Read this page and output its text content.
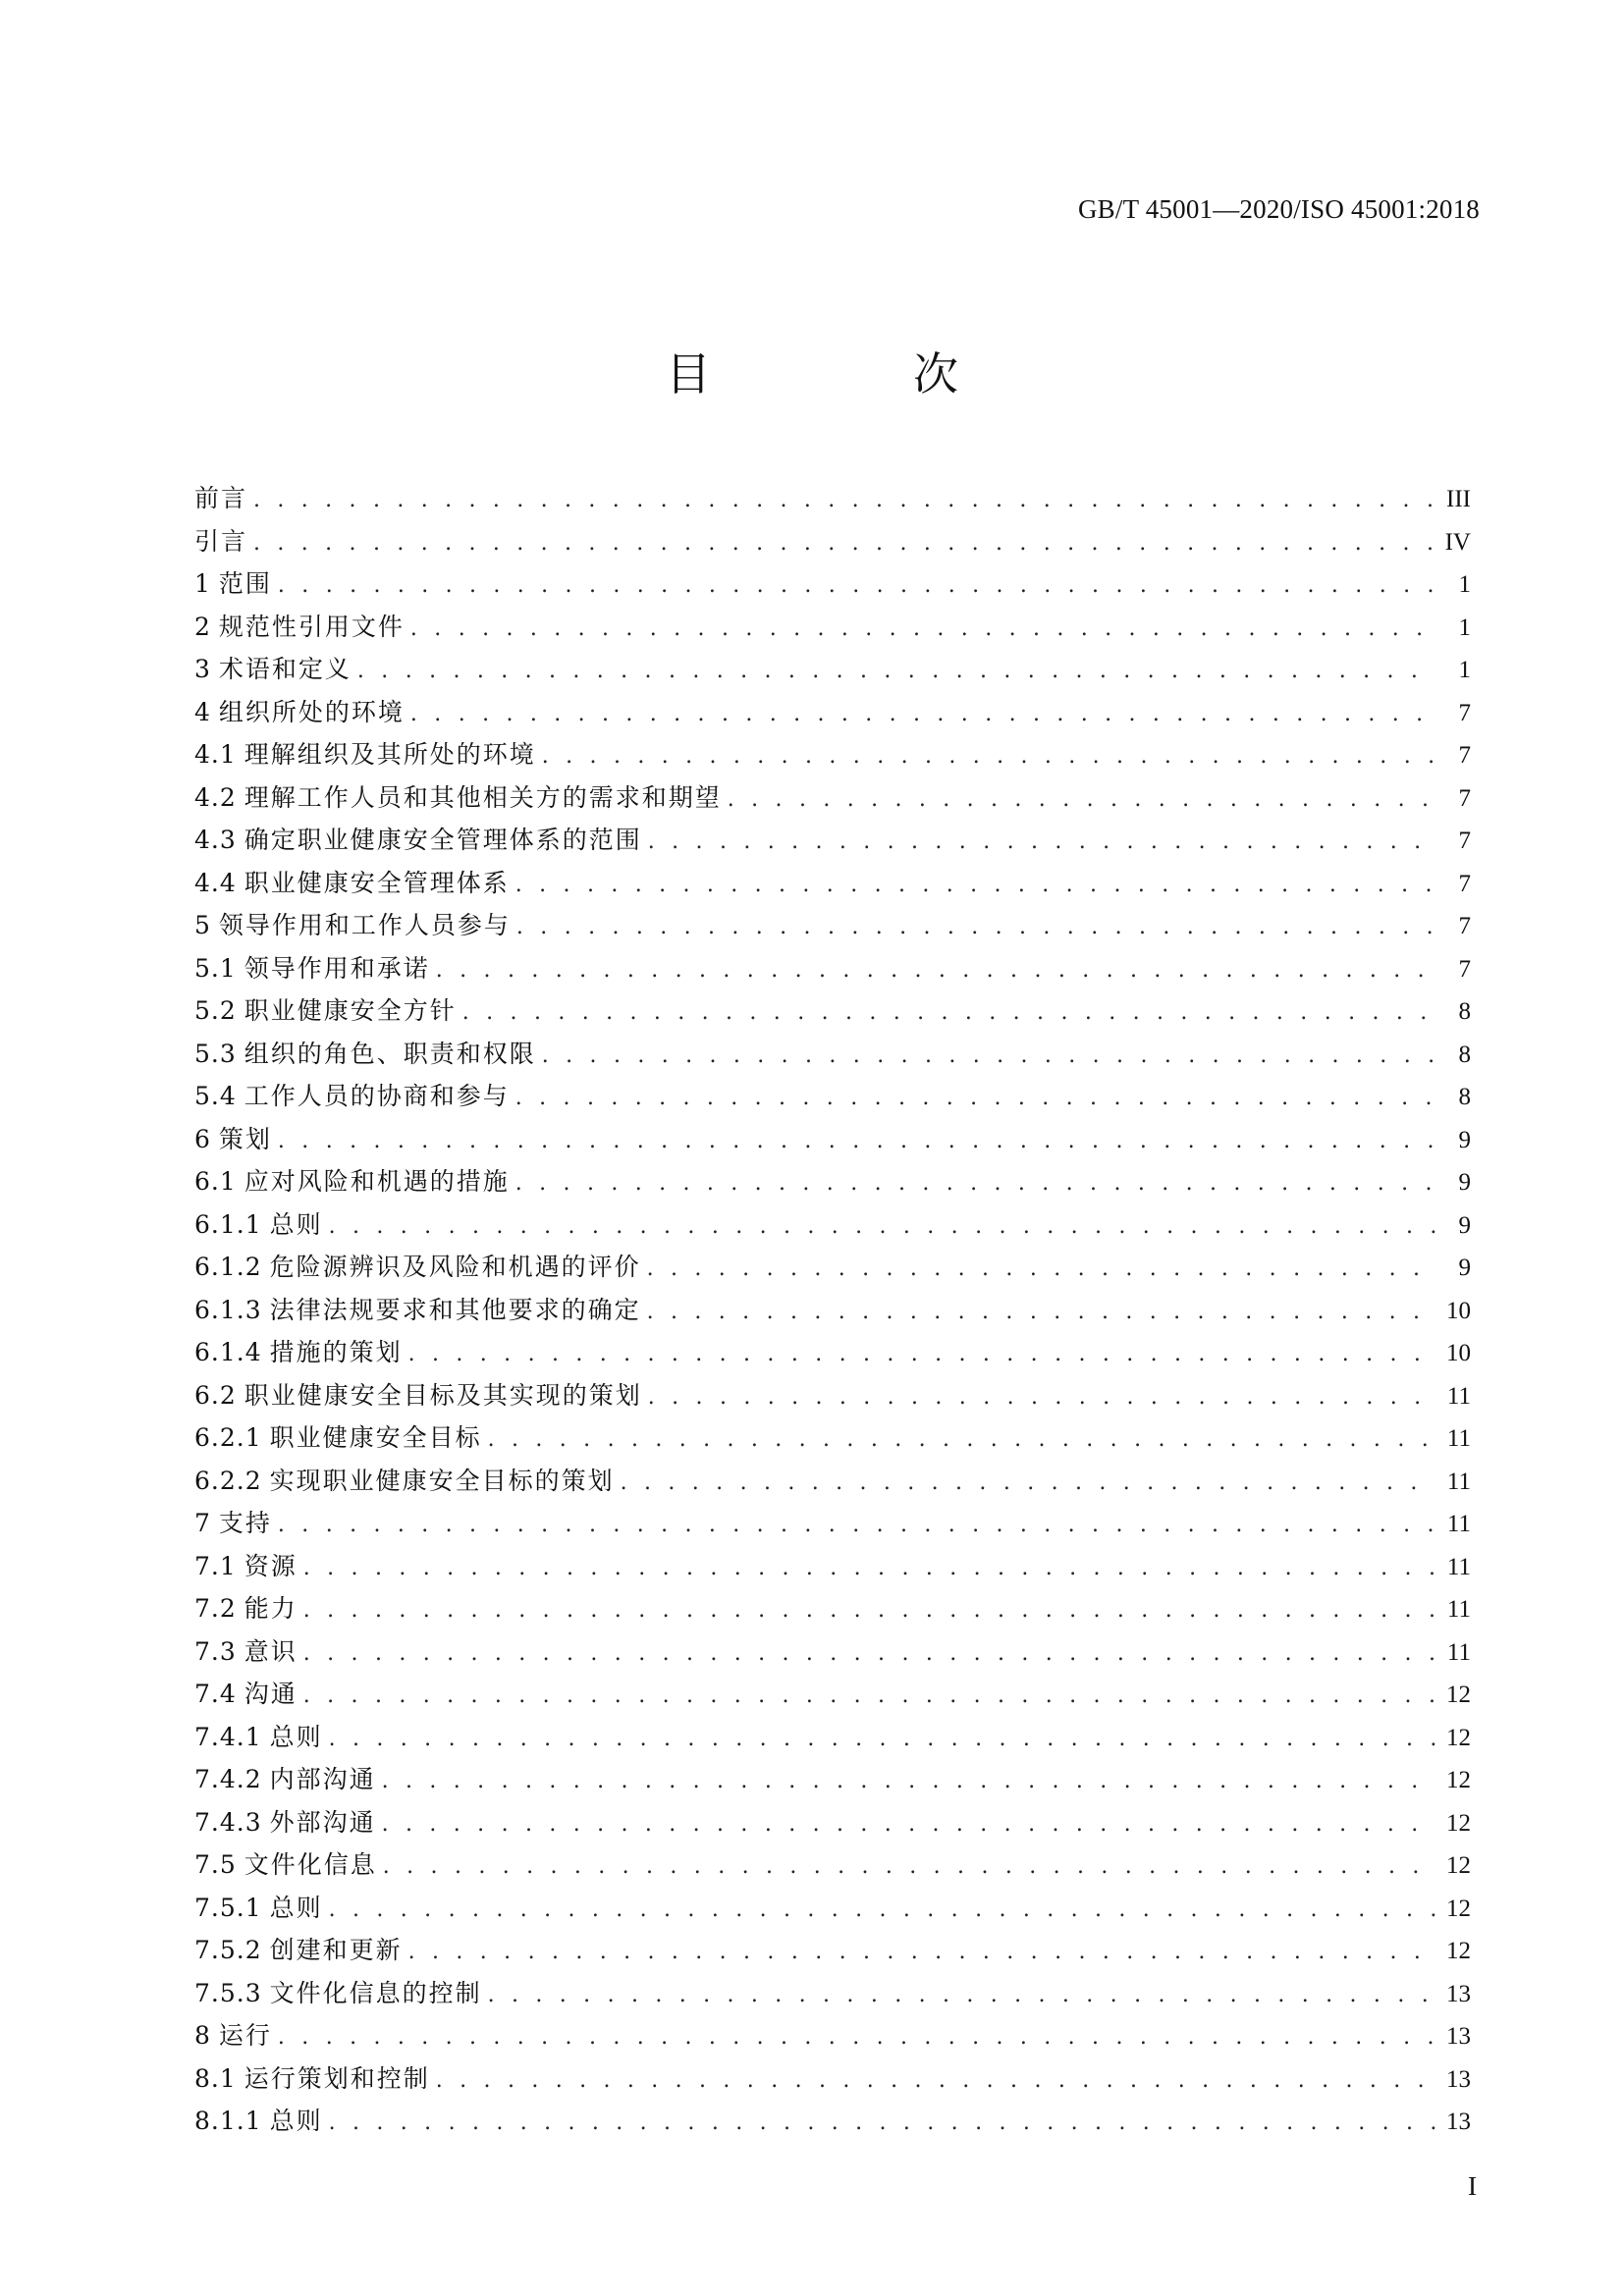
GB/T 45001—2020/ISO 45001:2018
目　次
前言 . . .	III
引言 . . .	IV
1 范围 . . .	1
2 规范性引用文件 . . .	1
3 术语和定义 . . .	1
4 组织所处的环境 . . .	7
4.1 理解组织及其所处的环境 . . .	7
4.2 理解工作人员和其他相关方的需求和期望 . . .	7
4.3 确定职业健康安全管理体系的范围 . . .	7
4.4 职业健康安全管理体系 . . .	7
5 领导作用和工作人员参与 . . .	7
5.1 领导作用和承诺 . . .	7
5.2 职业健康安全方针 . . .	8
5.3 组织的角色、职责和权限 . . .	8
5.4 工作人员的协商和参与 . . .	8
6 策划 . . .	9
6.1 应对风险和机遇的措施 . . .	9
6.1.1 总则 . . .	9
6.1.2 危险源辨识及风险和机遇的评价 . . .	9
6.1.3 法律法规要求和其他要求的确定 . . .	10
6.1.4 措施的策划 . . .	10
6.2 职业健康安全目标及其实现的策划 . . .	11
6.2.1 职业健康安全目标 . . .	11
6.2.2 实现职业健康安全目标的策划 . . .	11
7 支持 . . .	11
7.1 资源 . . .	11
7.2 能力 . . .	11
7.3 意识 . . .	11
7.4 沟通 . . .	12
7.4.1 总则 . . .	12
7.4.2 内部沟通 . . .	12
7.4.3 外部沟通 . . .	12
7.5 文件化信息 . . .	12
7.5.1 总则 . . .	12
7.5.2 创建和更新 . . .	12
7.5.3 文件化信息的控制 . . .	13
8 运行 . . .	13
8.1 运行策划和控制 . . .	13
8.1.1 总则 . . .	13
I
